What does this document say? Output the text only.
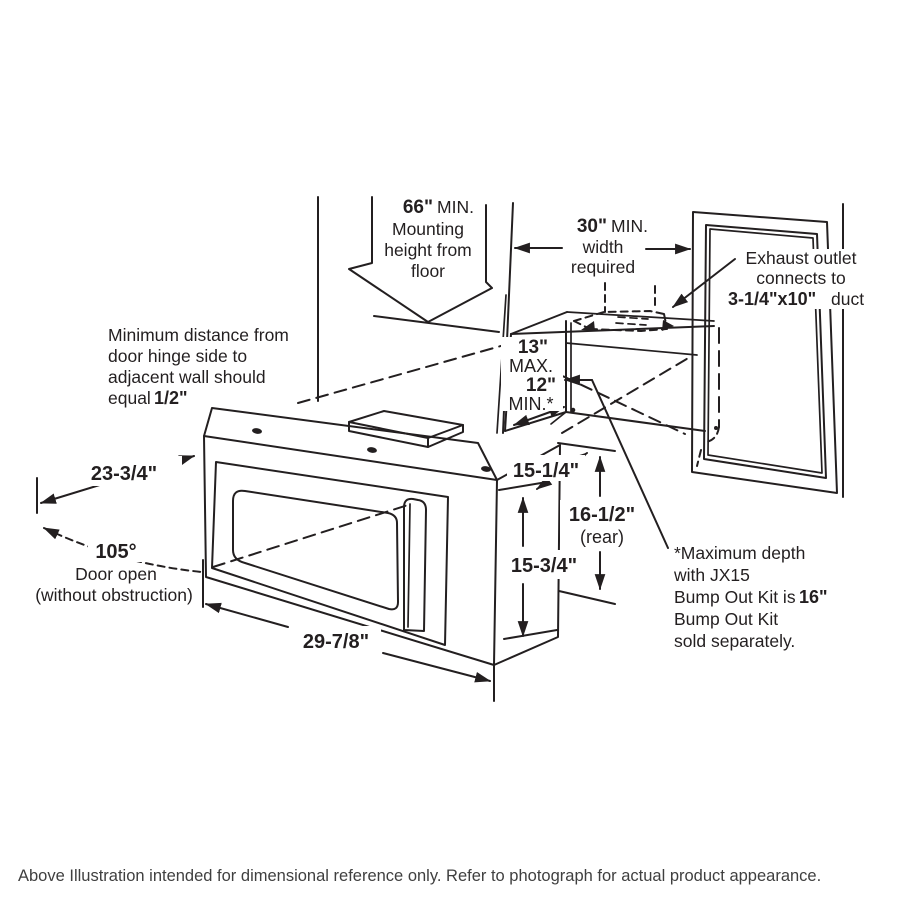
66" MIN.
Mounting
height from
floor
30" MIN.
width
required	Exhaust outlet
connects to
3-1/4"x10" duct
Minimum distance from
door hinge side to
adjacent wall should
equal 1/2"
13"
MAX.
12"
MIN.*
23-3/4"
105°
Door open
(without obstruction)
29-7/8"
15-1/4"
16-1/2"
(rear)
15-3/4"
*Maximum depth
with JX15
Bump Out Kit is 16"
Bump Out Kit
sold separately.
Above Illustration intended for dimensional reference only. Refer to photograph for actual product appearance.
